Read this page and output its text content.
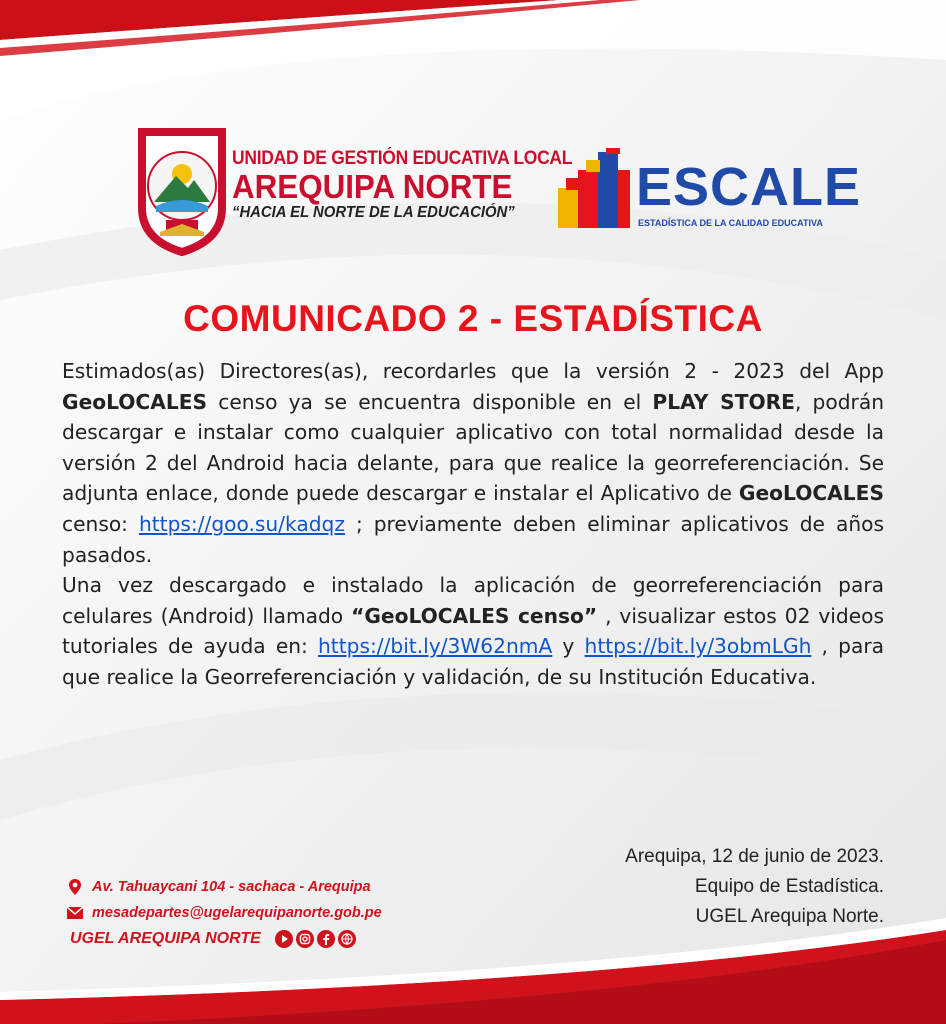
UNIDAD DE GESTIÓN EDUCATIVA LOCAL
AREQUIPA NORTE
“HACIA EL NORTE DE LA EDUCACIÓN”	ESCALE
ESTADÍSTICA DE LA CALIDAD EDUCATIVA
COMUNICADO 2 - ESTADÍSTICA

Estimados(as) Directores(as), recordarles que la versión 2 - 2023 del App GeoLOCALES censo ya se encuentra disponible en el PLAY STORE, podrán descargar e instalar como cualquier aplicativo con total normalidad desde la versión 2 del Android hacia delante, para que realice la georreferenciación. Se adjunta enlace, donde puede descargar e instalar el Aplicativo de GeoLOCALES censo: https://goo.su/kadqz ; previamente deben eliminar aplicativos de años pasados.

Una vez descargado e instalado la aplicación de georreferenciación para celulares (Android) llamado “GeoLOCALES censo” , visualizar estos 02 videos tutoriales de ayuda en: https://bit.ly/3W62nmA y https://bit.ly/3obmLGh , para que realice la Georreferenciación y validación, de su Institución Educativa.

Arequipa, 12 de junio de 2023.
Equipo de Estadística.
UGEL Arequipa Norte.
.
Av. Tahuaycani 104 - sachaca - Arequipa
mesadepartes@ugelarequipanorte.gob.pe
UGEL AREQUIPA NORTE
